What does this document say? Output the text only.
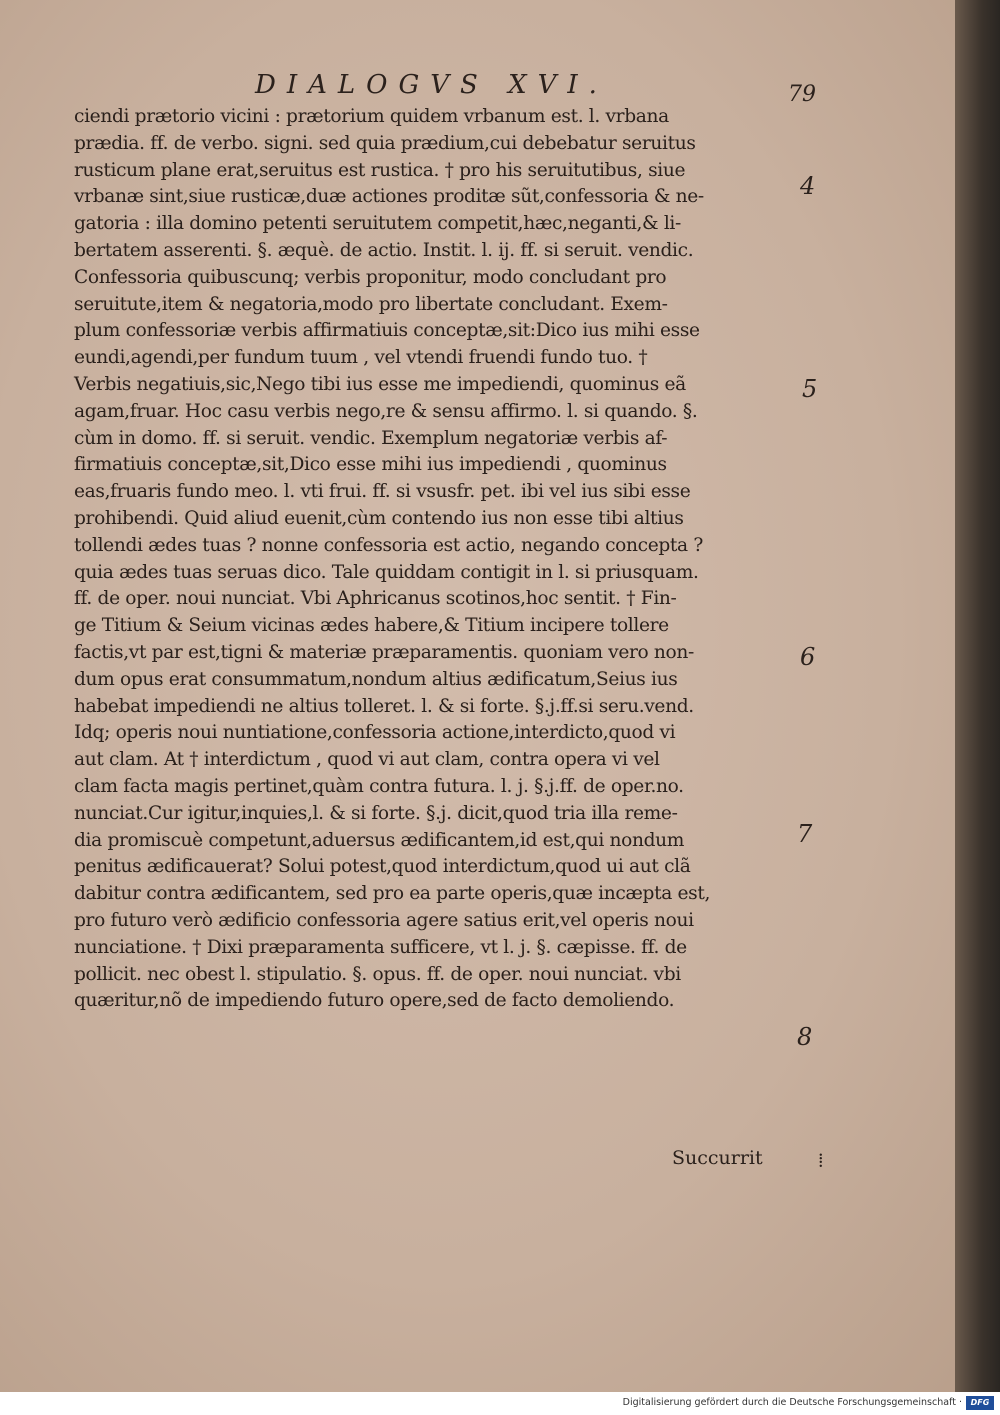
DIALOGVS XVI.	79
ciendi prætorio vicini : prætorium quidem vrbanum est. l. vrbana
prædia. ff. de verbo. signi. sed quia prædium,cui debebatur seruitus
rusticum plane erat,seruitus est rustica. † pro his seruitutibus, siue
vrbanæ sint,siue rusticæ,duæ actiones proditæ sũt,confessoria & ne-
gatoria : illa domino petenti seruitutem competit,hæc,neganti,& li-
bertatem asserenti. §. æquè. de actio. Instit. l. ij. ff. si seruit. vendic.
Confessoria quibuscunq; verbis proponitur, modo concludant pro
seruitute,item & negatoria,modo pro libertate concludant. Exem-
plum confessoriæ verbis affirmatiuis conceptæ,sit:Dico ius mihi esse
eundi,agendi,per fundum tuum , vel vtendi fruendi fundo tuo. †
Verbis negatiuis,sic,Nego tibi ius esse me impediendi, quominus eã
agam,fruar. Hoc casu verbis nego,re & sensu affirmo. l. si quando. §.
cùm in domo. ff. si seruit. vendic. Exemplum negatoriæ verbis af-
firmatiuis conceptæ,sit,Dico esse mihi ius impediendi , quominus
eas,fruaris fundo meo. l. vti frui. ff. si vsusfr. pet. ibi vel ius sibi esse
prohibendi. Quid aliud euenit,cùm contendo ius non esse tibi altius
tollendi ædes tuas ? nonne confessoria est actio, negando concepta ?
quia ædes tuas seruas dico. Tale quiddam contigit in l. si priusquam.
ff. de oper. noui nunciat. Vbi Aphricanus scotinos,hoc sentit. † Fin-
ge Titium & Seium vicinas ædes habere,& Titium incipere tollere
factis,vt par est,tigni & materiæ præparamentis. quoniam vero non-
dum opus erat consummatum,nondum altius ædificatum,Seius ius
habebat impediendi ne altius tolleret. l. & si forte. §.j.ff.si seru.vend.
Idq; operis noui nuntiatione,confessoria actione,interdicto,quod vi
aut clam. At † interdictum , quod vi aut clam, contra opera vi vel
clam facta magis pertinet,quàm contra futura. l. j. §.j.ff. de oper.no.
nunciat.Cur igitur,inquies,l. & si forte. §.j. dicit,quod tria illa reme-
dia promiscuè competunt,aduersus ædificantem,id est,qui nondum
penitus ædificauerat? Solui potest,quod interdictum,quod ui aut clã
dabitur contra ædificantem, sed pro ea parte operis,quæ incæpta est,
pro futuro verò ædificio confessoria agere satius erit,vel operis noui
nunciatione. † Dixi præparamenta sufficere, vt l. j. §. cæpisse. ff. de
pollicit. nec obest l. stipulatio. §. opus. ff. de oper. noui nunciat. vbi
quæritur,nõ de impediendo futuro opere,sed de facto demoliendo.
4
5
6
7
8
Succurrit	⁞
Digitalisierung gefördert durch die Deutsche Forschungsgemeinschaft ·	DFG
